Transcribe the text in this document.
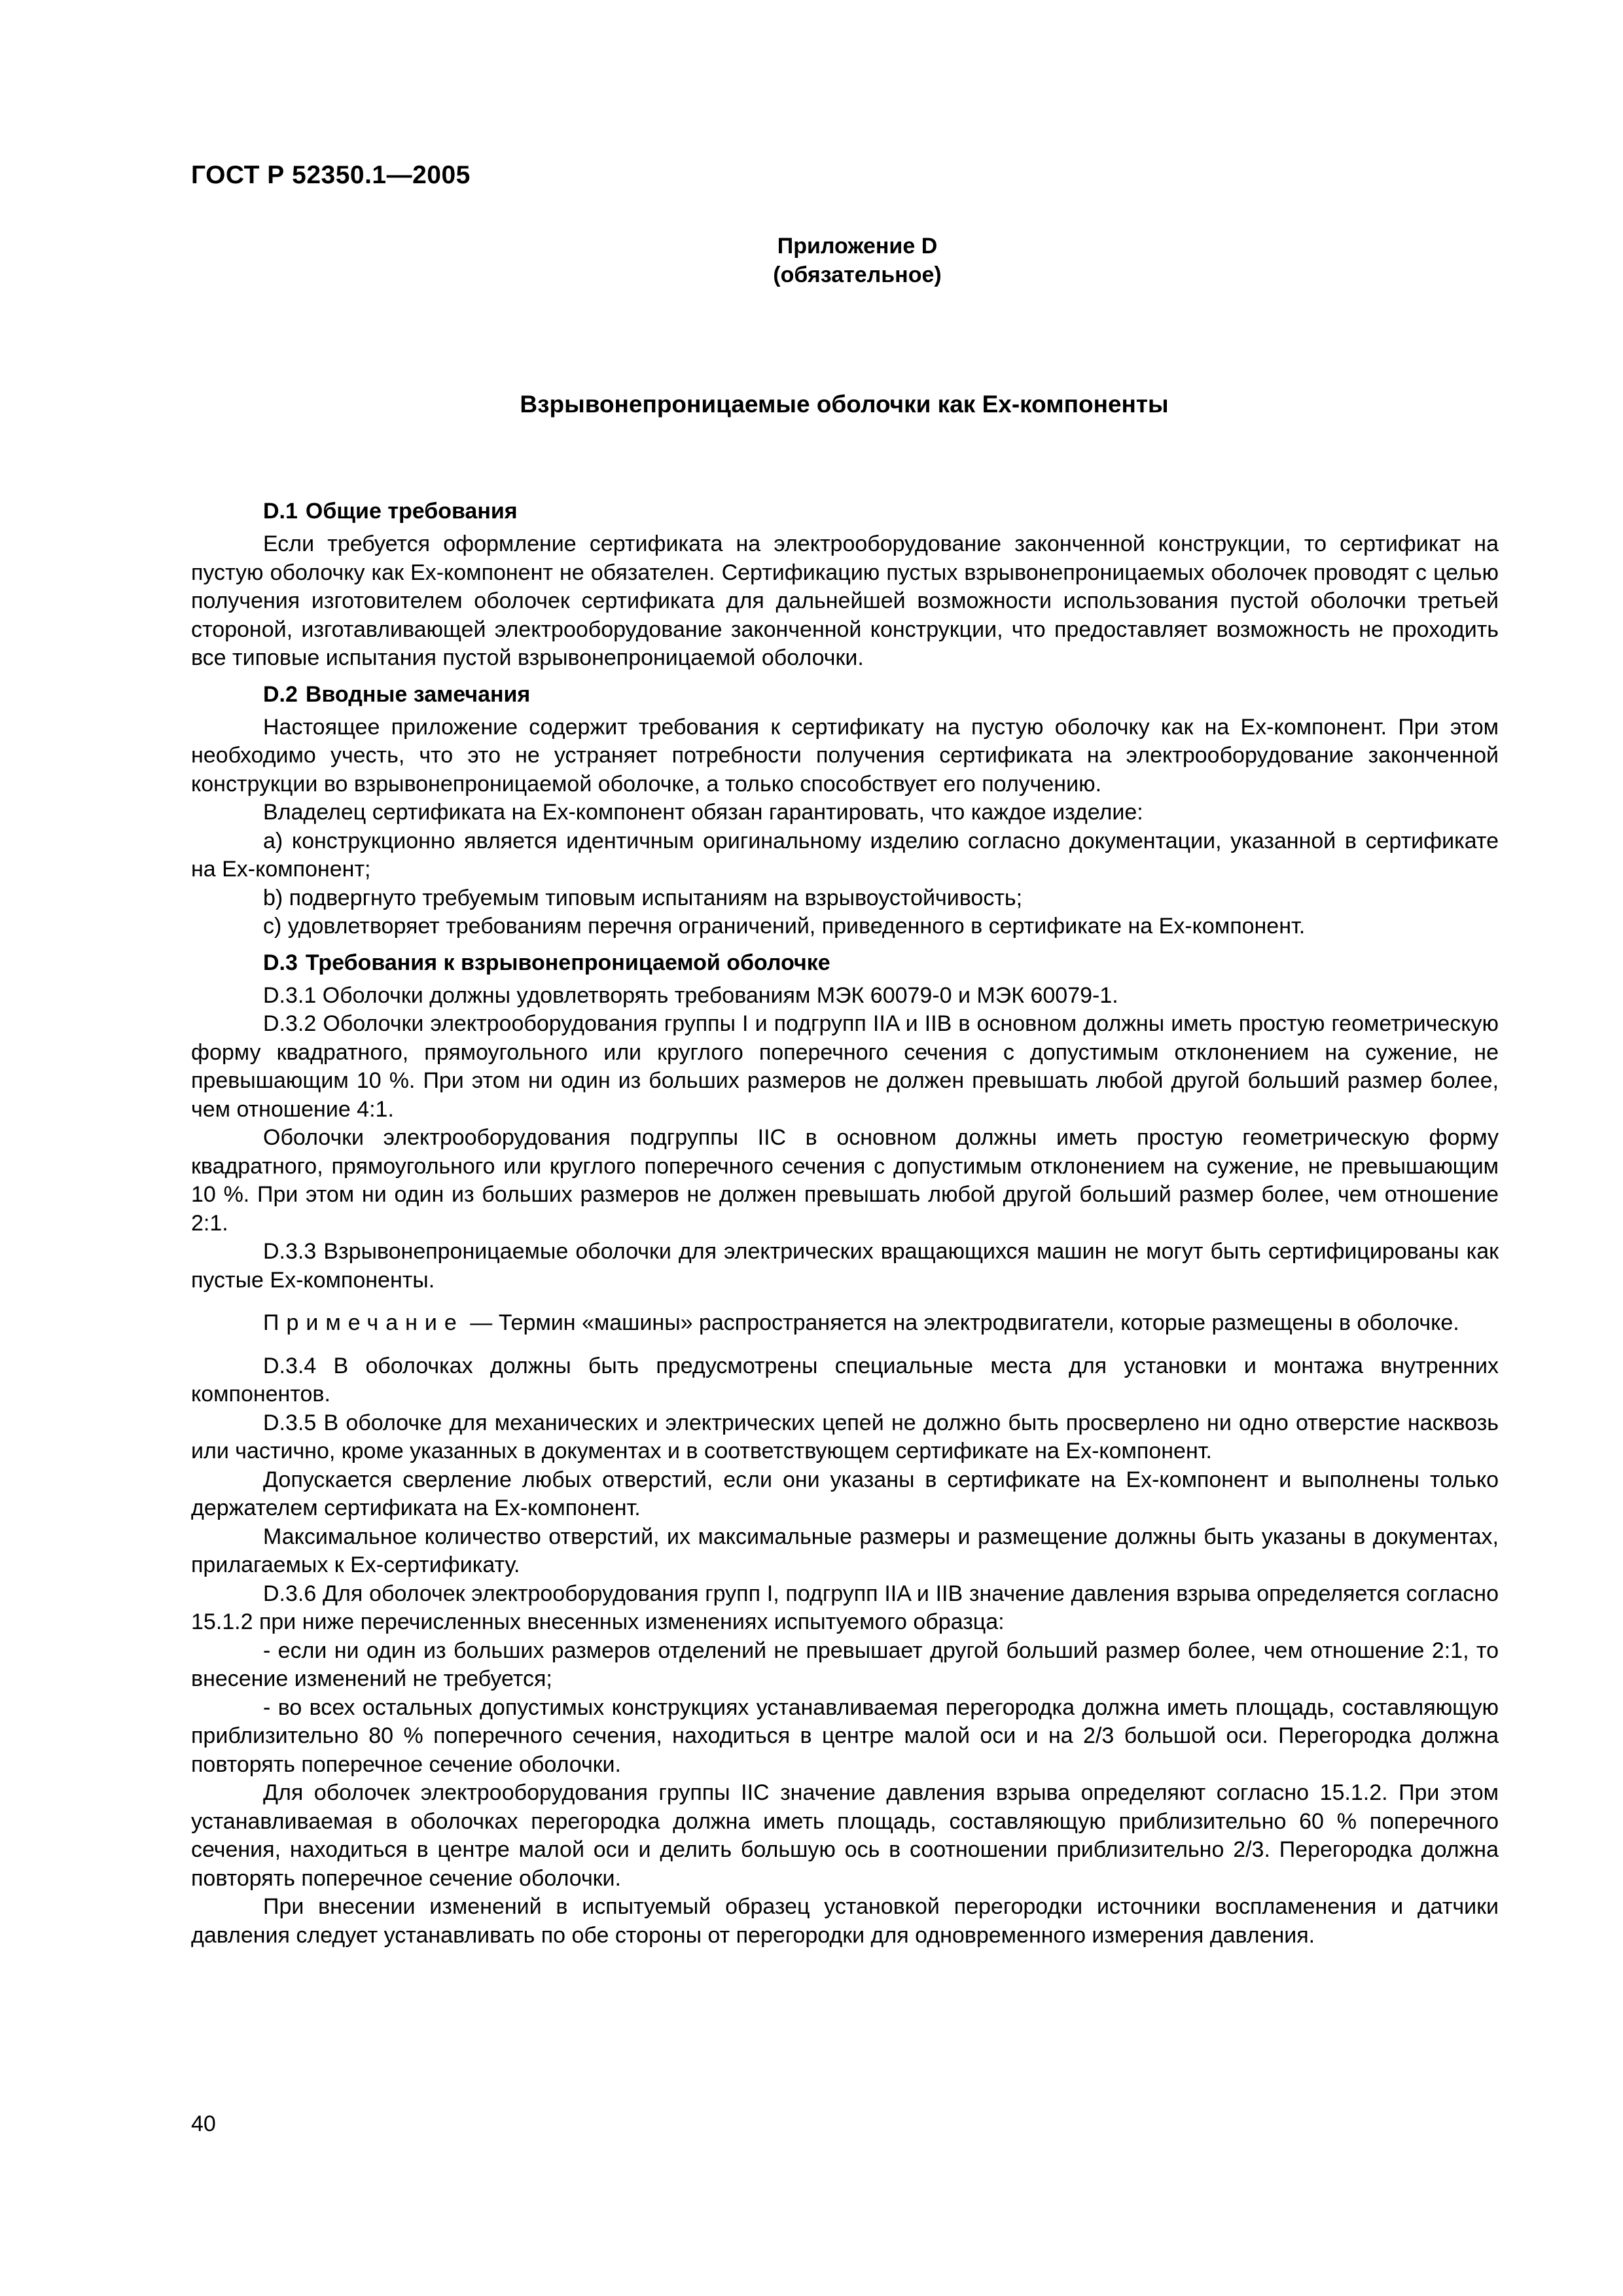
ГОСТ Р 52350.1—2005
Приложение D
(обязательное)
Взрывонепроницаемые оболочки как Ex-компоненты
D.1 Общие требования

Если требуется оформление сертификата на электрооборудование законченной конструкции, то сертификат на пустую оболочку как Ex-компонент не обязателен. Сертификацию пустых взрывонепроницаемых оболочек проводят с целью получения изготовителем оболочек сертификата для дальнейшей возможности использования пустой оболочки третьей стороной, изготавливающей электрооборудование законченной конструкции, что предоставляет возможность не проходить все типовые испытания пустой взрывонепроницаемой оболочки.

D.2 Вводные замечания

Настоящее приложение содержит требования к сертификату на пустую оболочку как на Ex-компонент. При этом необходимо учесть, что это не устраняет потребности получения сертификата на электрооборудование законченной конструкции во взрывонепроницаемой оболочке, а только способствует его получению.

Владелец сертификата на Ex-компонент обязан гарантировать, что каждое изделие:

а) конструкционно является идентичным оригинальному изделию согласно документации, указанной в сертификате на Ex-компонент;

b) подвергнуто требуемым типовым испытаниям на взрывоустойчивость;

c) удовлетворяет требованиям перечня ограничений, приведенного в сертификате на Ex-компонент.

D.3 Требования к взрывонепроницаемой оболочке

D.3.1 Оболочки должны удовлетворять требованиям МЭК 60079-0 и МЭК 60079-1.

D.3.2 Оболочки электрооборудования группы I и подгрупп IIA и IIB в основном должны иметь простую геометрическую форму квадратного, прямоугольного или круглого поперечного сечения с допустимым отклонением на сужение, не превышающим 10 %. При этом ни один из больших размеров не должен превышать любой другой больший размер более, чем отношение 4:1.

Оболочки электрооборудования подгруппы IIC в основном должны иметь простую геометрическую форму квадратного, прямоугольного или круглого поперечного сечения с допустимым отклонением на сужение, не превышающим 10 %. При этом ни один из больших размеров не должен превышать любой другой больший размер более, чем отношение 2:1.

D.3.3 Взрывонепроницаемые оболочки для электрических вращающихся машин не могут быть сертифицированы как пустые Ex-компоненты.

Примечание — Термин «машины» распространяется на электродвигатели, которые размещены в оболочке.

D.3.4 В оболочках должны быть предусмотрены специальные места для установки и монтажа внутренних компонентов.

D.3.5 В оболочке для механических и электрических цепей не должно быть просверлено ни одно отверстие насквозь или частично, кроме указанных в документах и в соответствующем сертификате на Ex-компонент.

Допускается сверление любых отверстий, если они указаны в сертификате на Ex-компонент и выполнены только держателем сертификата на Ex-компонент.

Максимальное количество отверстий, их максимальные размеры и размещение должны быть указаны в документах, прилагаемых к Ex-сертификату.

D.3.6 Для оболочек электрооборудования групп I, подгрупп IIA и IIB значение давления взрыва определяется согласно 15.1.2 при ниже перечисленных внесенных изменениях испытуемого образца:

- если ни один из больших размеров отделений не превышает другой больший размер более, чем отношение 2:1, то внесение изменений не требуется;

- во всех остальных допустимых конструкциях устанавливаемая перегородка должна иметь площадь, составляющую приблизительно 80 % поперечного сечения, находиться в центре малой оси и на 2/3 большой оси. Перегородка должна повторять поперечное сечение оболочки.

Для оболочек электрооборудования группы IIC значение давления взрыва определяют согласно 15.1.2. При этом устанавливаемая в оболочках перегородка должна иметь площадь, составляющую приблизительно 60 % поперечного сечения, находиться в центре малой оси и делить большую ось в соотношении приблизительно 2/3. Перегородка должна повторять поперечное сечение оболочки.

При внесении изменений в испытуемый образец установкой перегородки источники воспламенения и датчики давления следует устанавливать по обе стороны от перегородки для одновременного измерения давления.

40
